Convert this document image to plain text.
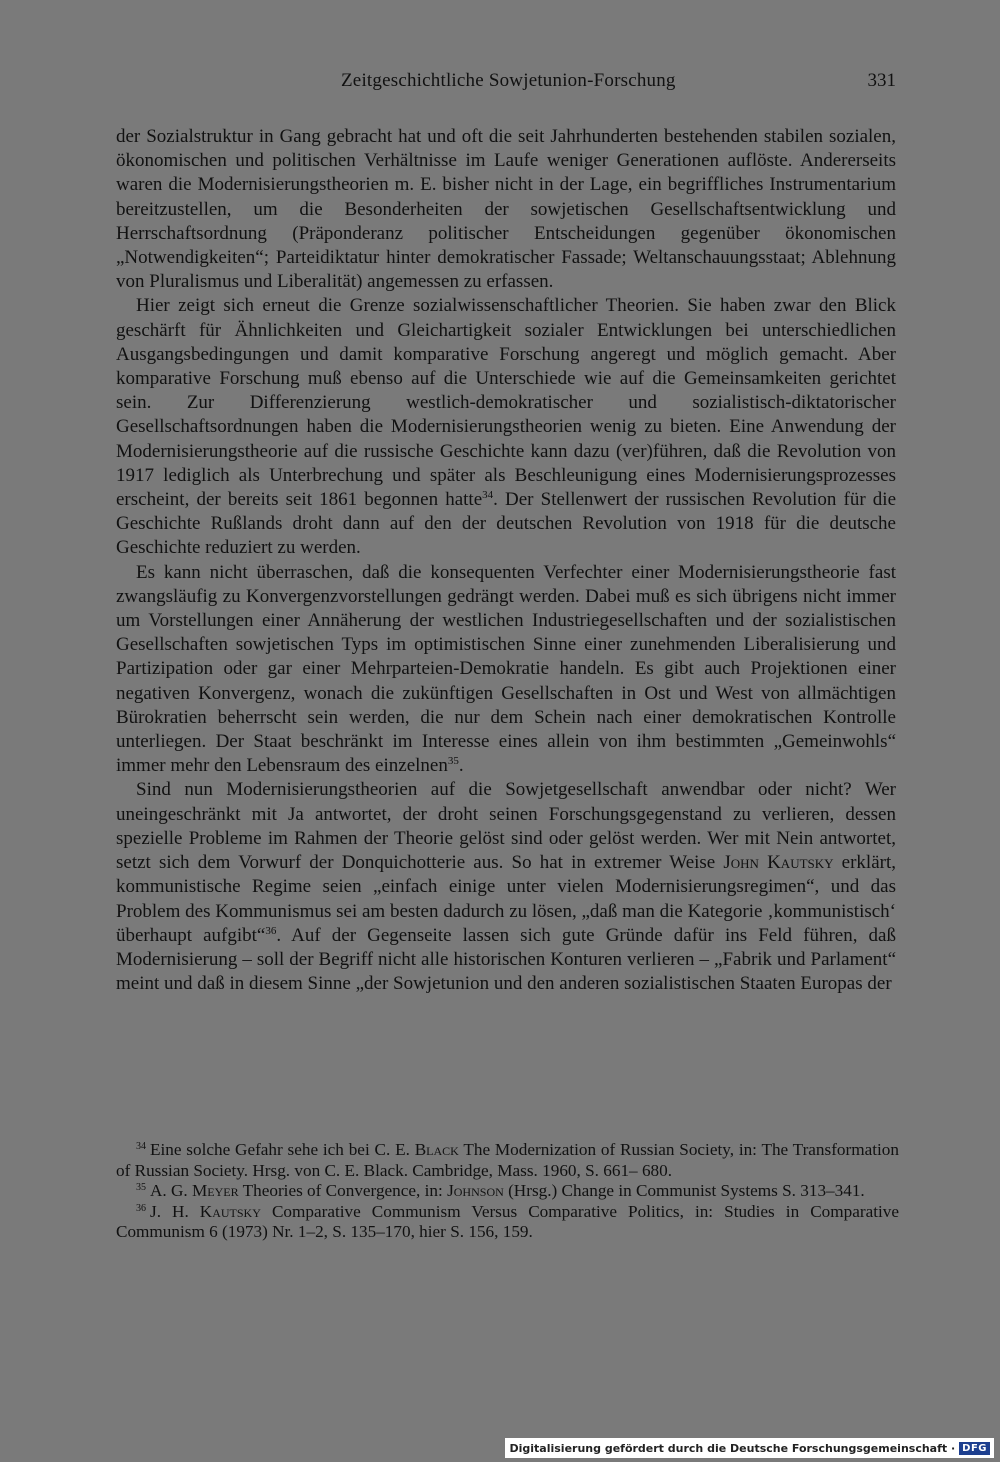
Zeitgeschichtliche Sowjetunion-Forschung	331

der Sozialstruktur in Gang gebracht hat und oft die seit Jahrhunderten bestehenden stabilen sozialen, ökonomischen und politischen Verhältnisse im Laufe weniger Generationen auflöste. Andererseits waren die Modernisierungstheorien m. E. bisher nicht in der Lage, ein begriffliches Instrumentarium bereitzustellen, um die Besonderheiten der sowjetischen Gesellschaftsentwicklung und Herrschaftsordnung (Präponderanz politischer Entscheidungen gegenüber ökonomischen „Notwendigkeiten“; Parteidiktatur hinter demokratischer Fassade; Weltanschauungsstaat; Ablehnung von Pluralismus und Liberalität) angemessen zu erfassen.

Hier zeigt sich erneut die Grenze sozialwissenschaftlicher Theorien. Sie haben zwar den Blick geschärft für Ähnlichkeiten und Gleichartigkeit sozialer Entwicklungen bei unterschiedlichen Ausgangsbedingungen und damit komparative Forschung angeregt und möglich gemacht. Aber komparative Forschung muß ebenso auf die Unterschiede wie auf die Gemeinsamkeiten gerichtet sein. Zur Differenzierung westlich-demokratischer und sozialistisch-diktatorischer Gesellschaftsordnungen haben die Modernisierungstheorien wenig zu bieten. Eine Anwendung der Modernisierungstheorie auf die russische Geschichte kann dazu (ver)führen, daß die Revolution von 1917 lediglich als Unterbrechung und später als Beschleunigung eines Modernisierungsprozesses erscheint, der bereits seit 1861 begonnen hatte$^{34}$. Der Stellenwert der russischen Revolution für die Geschichte Rußlands droht dann auf den der deutschen Revolution von 1918 für die deutsche Geschichte reduziert zu werden.

Es kann nicht überraschen, daß die konsequenten Verfechter einer Modernisierungstheorie fast zwangsläufig zu Konvergenzvorstellungen gedrängt werden. Dabei muß es sich übrigens nicht immer um Vorstellungen einer Annäherung der westlichen Industriegesellschaften und der sozialistischen Gesellschaften sowjetischen Typs im optimistischen Sinne einer zunehmenden Liberalisierung und Partizipation oder gar einer Mehrparteien-Demokratie handeln. Es gibt auch Projektionen einer negativen Konvergenz, wonach die zukünftigen Gesellschaften in Ost und West von allmächtigen Bürokratien beherrscht sein werden, die nur dem Schein nach einer demokratischen Kontrolle unterliegen. Der Staat beschränkt im Interesse eines allein von ihm bestimmten „Gemeinwohls“ immer mehr den Lebensraum des einzelnen$^{35}$.

Sind nun Modernisierungstheorien auf die Sowjetgesellschaft anwendbar oder nicht? Wer uneingeschränkt mit Ja antwortet, der droht seinen Forschungsgegenstand zu verlieren, dessen spezielle Probleme im Rahmen der Theorie gelöst sind oder gelöst werden. Wer mit Nein antwortet, setzt sich dem Vorwurf der Donquichotterie aus. So hat in extremer Weise John Kautsky erklärt, kommunistische Regime seien „einfach einige unter vielen Modernisierungsregimen“, und das Problem des Kommunismus sei am besten dadurch zu lösen, „daß man die Kategorie ‚kommunistisch‘ überhaupt aufgibt“$^{36}$. Auf der Gegenseite lassen sich gute Gründe dafür ins Feld führen, daß Modernisierung – soll der Begriff nicht alle historischen Konturen verlieren – „Fabrik und Parlament“ meint und daß in diesem Sinne „der Sowjetunion und den anderen sozialistischen Staaten Europas der

$^{34}$ Eine solche Gefahr sehe ich bei C. E. Black The Modernization of Russian Society, in: The Transformation of Russian Society. Hrsg. von C. E. Black. Cambridge, Mass. 1960, S. 661– 680.

$^{35}$ A. G. Meyer Theories of Convergence, in: Johnson (Hrsg.) Change in Communist Systems S. 313–341.

$^{36}$ J. H. Kautsky Comparative Communism Versus Comparative Politics, in: Studies in Comparative Communism 6 (1973) Nr. 1–2, S. 135–170, hier S. 156, 159.

Digitalisierung gefördert durch die Deutsche Forschungsgemeinschaft · DFG
